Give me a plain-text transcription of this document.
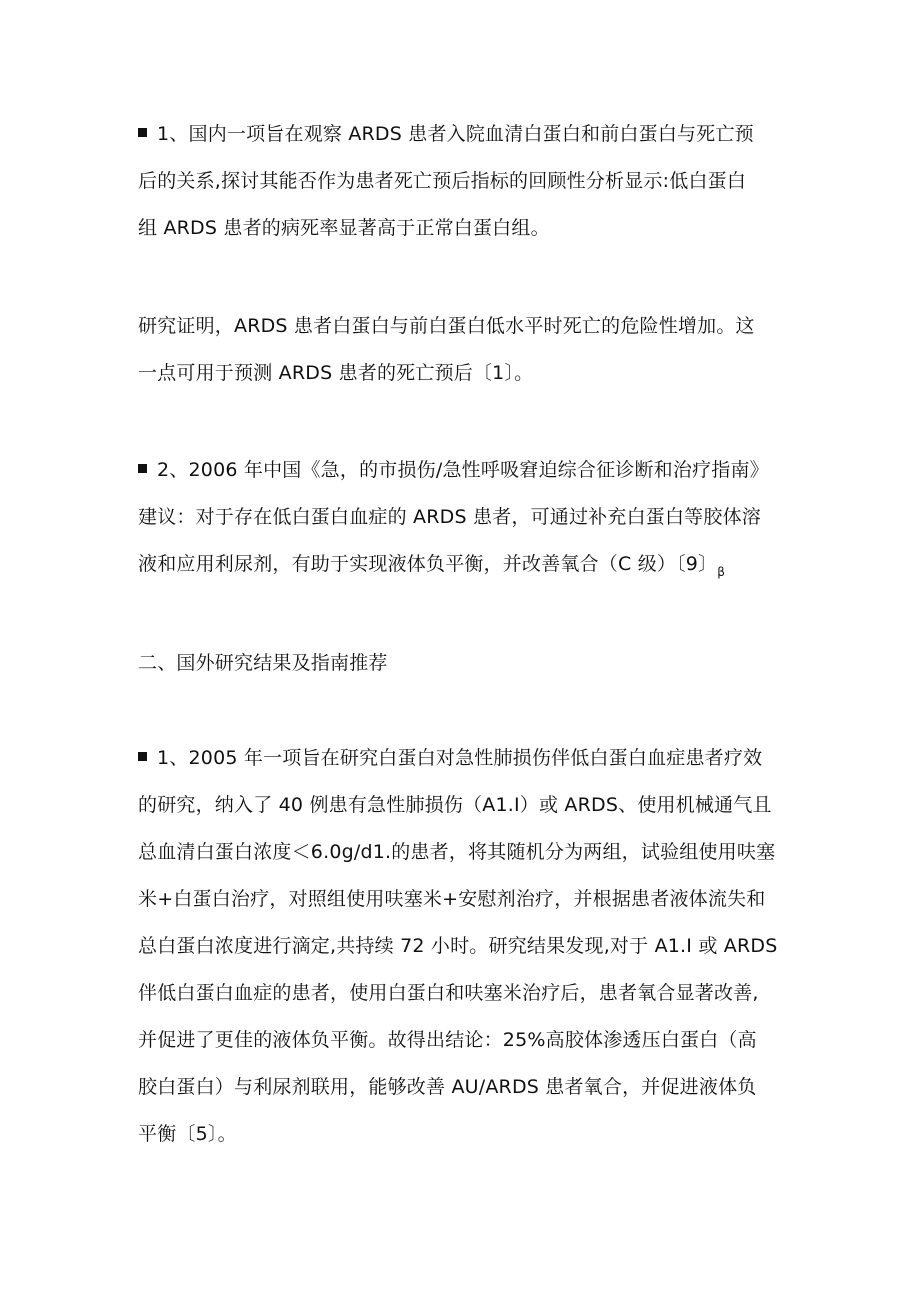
1、国内一项旨在观察 ARDS 患者入院血清白蛋白和前白蛋白与死亡预
后的关系,探讨其能否作为患者死亡预后指标的回顾性分析显示:低白蛋白
组 ARDS 患者的病死率显著高于正常白蛋白组。
研究证明，ARDS 患者白蛋白与前白蛋白低水平时死亡的危险性增加。这
一点可用于预测 ARDS 患者的死亡预后〔1〕。
2、2006 年中国《急，的市损伤/急性呼吸窘迫综合征诊断和治疗指南》
建议：对于存在低白蛋白血症的 ARDS 患者，可通过补充白蛋白等胶体溶
液和应用利尿剂，有助于实现液体负平衡，并改善氧合（C 级）〔9〕$_\beta$
二、国外研究结果及指南推荐
1、2005 年一项旨在研究白蛋白对急性肺损伤伴低白蛋白血症患者疗效
的研究，纳入了 40 例患有急性肺损伤（A1.I）或 ARDS、使用机械通气且
总血清白蛋白浓度＜6.0g/d1.的患者，将其随机分为两组，试验组使用呋塞
米+白蛋白治疗，对照组使用呋塞米+安慰剂治疗，并根据患者液体流失和
总白蛋白浓度进行滴定,共持续 72 小时。研究结果发现,对于 A1.I 或 ARDS
伴低白蛋白血症的患者，使用白蛋白和呋塞米治疗后，患者氧合显著改善,
并促进了更佳的液体负平衡。故得出结论：25%高胶体渗透压白蛋白（高
胶白蛋白）与利尿剂联用，能够改善 AU/ARDS 患者氧合，并促进液体负
平衡〔5〕。
